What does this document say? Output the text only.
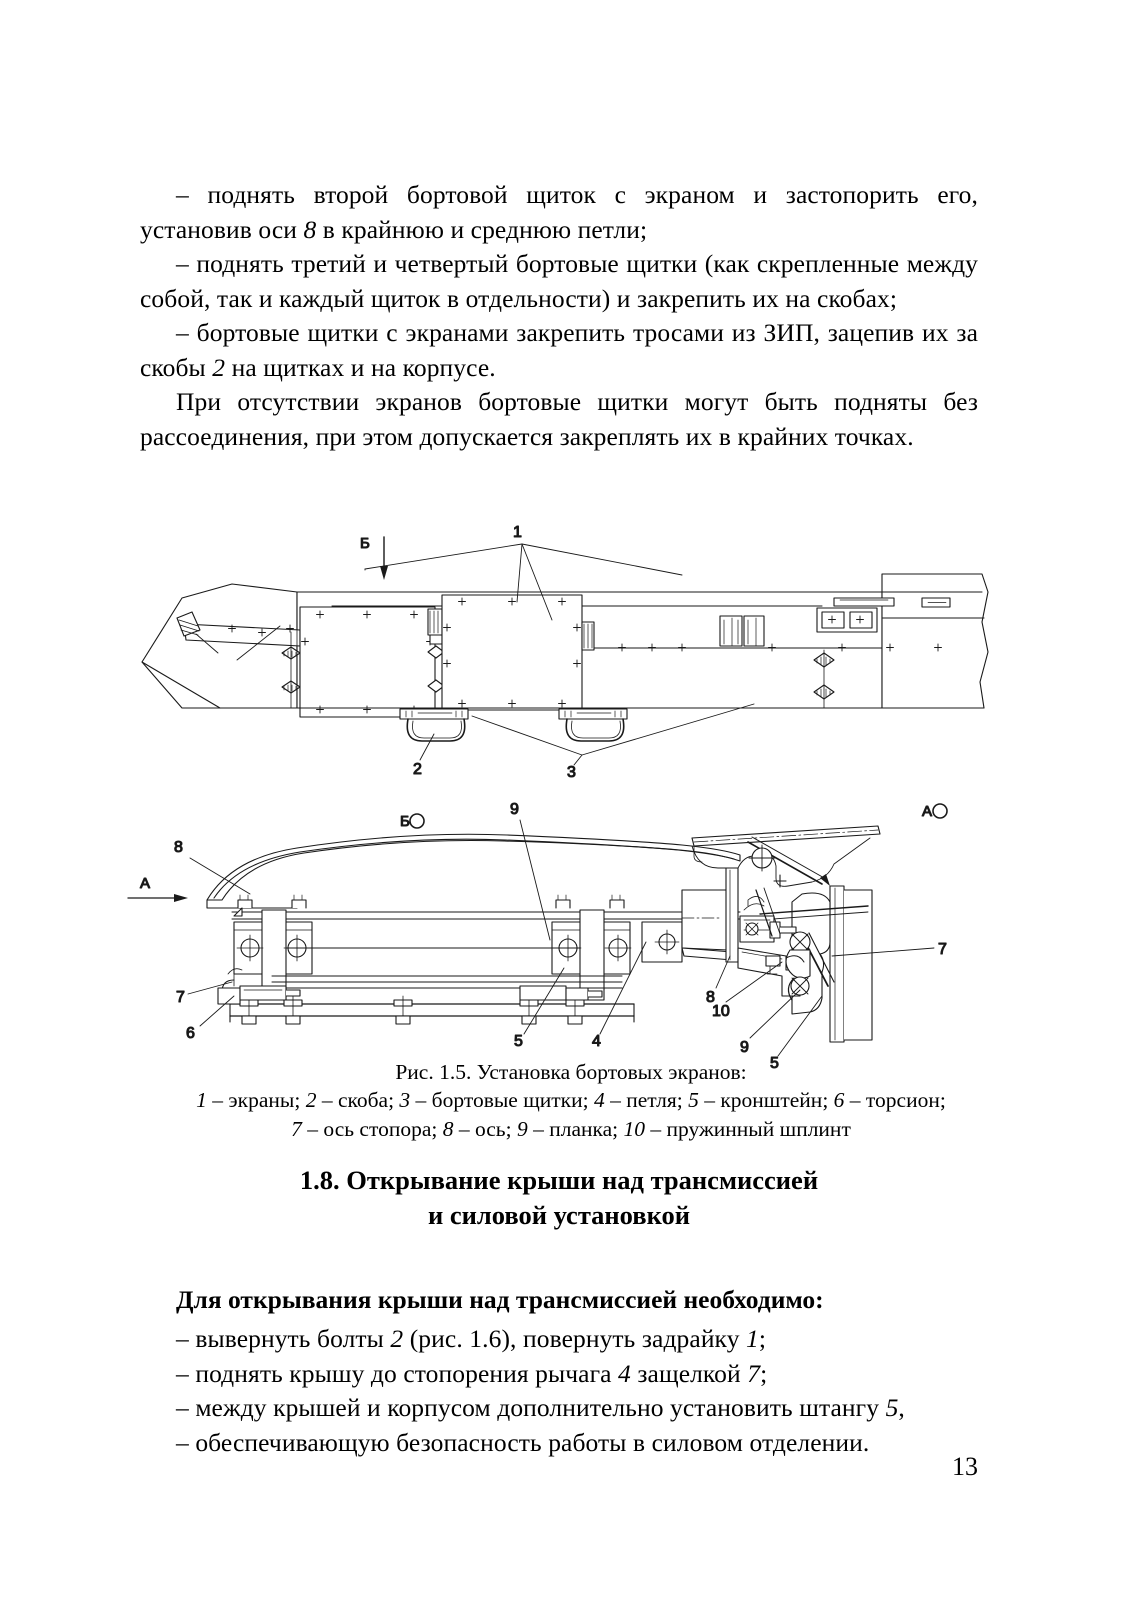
– поднять второй бортовой щиток с экраном и застопорить его, установив оси 8 в крайнюю и среднюю петли;

– поднять третий и четвертый бортовые щитки (как скрепленные между собой, так и каждый щиток в отдельности) и закрепить их на скобах;

– бортовые щитки с экранами закрепить тросами из ЗИП, зацепив их за скобы 2 на щитках и на корпусе.

При отсутствии экранов бортовые щитки могут быть подняты без рассоединения, при этом допускается закреплять их в крайних точках.

Б
1
2	3
Б
A
8
9
7
6	5	4
A
7
8
10
9
5
Рис. 1.5. Установка бортовых экранов:
1 – экраны; 2 – скоба; 3 – бортовые щитки; 4 – петля; 5 – кронштейн; 6 – торсион;
7 – ось стопора; 8 – ось; 9 – планка; 10 – пружинный шплинт
1.8. Открывание крыши над трансмиссией
и силовой установкой
Для открывания крыши над трансмиссией необходимо:

– вывернуть болты 2 (рис. 1.6), повернуть задрайку 1;

– поднять крышу до стопорения рычага 4 защелкой 7;

– между крышей и корпусом дополнительно установить штангу 5,

– обеспечивающую безопасность работы в силовом отделении.

13
